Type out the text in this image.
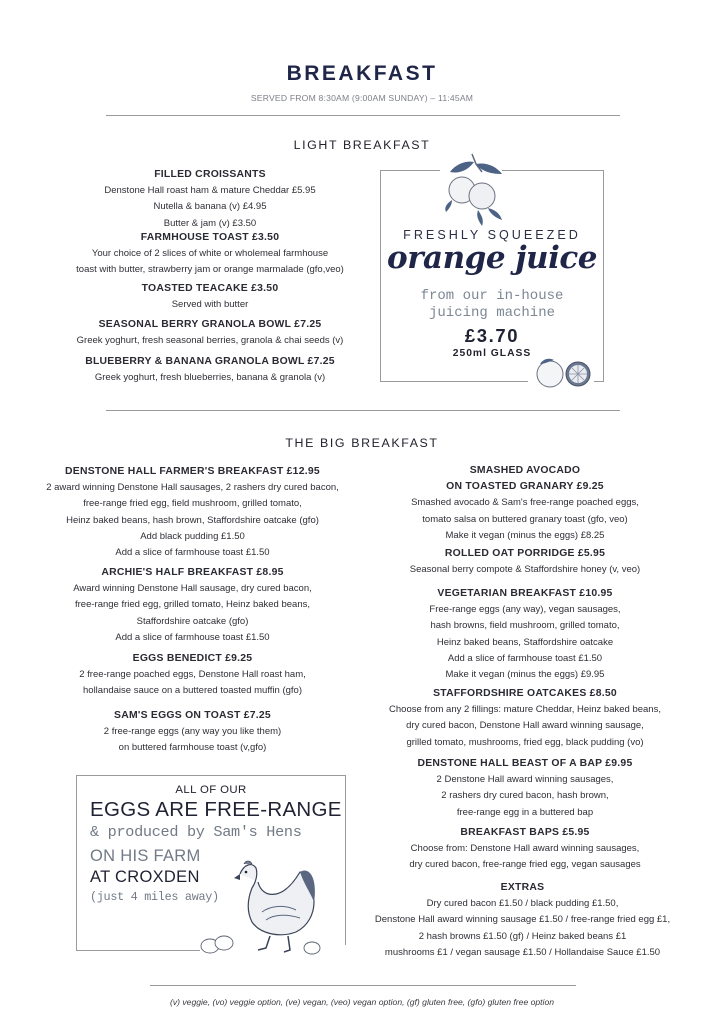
BREAKFAST
SERVED FROM 8:30AM (9:00AM SUNDAY) – 11:45AM
LIGHT BREAKFAST
FILLED CROISSANTS
Denstone Hall roast ham & mature Cheddar £5.95
Nutella & banana (v) £4.95
Butter & jam (v) £3.50
FARMHOUSE TOAST £3.50
Your choice of 2 slices of white or wholemeal farmhouse
toast with butter, strawberry jam or orange marmalade (gfo,veo)
TOASTED TEACAKE £3.50
Served with butter
SEASONAL BERRY GRANOLA BOWL £7.25
Greek yoghurt, fresh seasonal berries, granola & chai seeds (v)
BLUEBERRY & BANANA GRANOLA BOWL £7.25
Greek yoghurt, fresh blueberries, banana & granola (v)
FRESHLY SQUEEZED
orange juice
from our in-house
juicing machine
£3.70
250ml GLASS
THE BIG BREAKFAST
DENSTONE HALL FARMER'S BREAKFAST £12.95
2 award winning Denstone Hall sausages, 2 rashers dry cured bacon,
free-range fried egg, field mushroom, grilled tomato,
Heinz baked beans, hash brown, Staffordshire oatcake (gfo)
Add black pudding £1.50
Add a slice of farmhouse toast £1.50
ARCHIE'S HALF BREAKFAST £8.95
Award winning Denstone Hall sausage, dry cured bacon,
free-range fried egg, grilled tomato, Heinz baked beans,
Staffordshire oatcake (gfo)
Add a slice of farmhouse toast £1.50
EGGS BENEDICT £9.25
2 free-range poached eggs, Denstone Hall roast ham,
hollandaise sauce on a buttered toasted muffin (gfo)
SAM'S EGGS ON TOAST £7.25
2 free-range eggs (any way you like them)
on buttered farmhouse toast (v,gfo)
ALL OF OUR
EGGS ARE FREE-RANGE
& produced by Sam's Hens
ON HIS FARM
AT CROXDEN
(just 4 miles away)
SMASHED AVOCADO
ON TOASTED GRANARY £9.25
Smashed avocado & Sam's free-range poached eggs,
tomato salsa on buttered granary toast (gfo, veo)
Make it vegan (minus the eggs) £8.25
ROLLED OAT PORRIDGE £5.95
Seasonal berry compote & Staffordshire honey (v, veo)
VEGETARIAN BREAKFAST £10.95
Free-range eggs (any way), vegan sausages,
hash browns, field mushroom, grilled tomato,
Heinz baked beans, Staffordshire oatcake
Add a slice of farmhouse toast £1.50
Make it vegan (minus the eggs) £9.95
STAFFORDSHIRE OATCAKES £8.50
Choose from any 2 fillings: mature Cheddar, Heinz baked beans,
dry cured bacon, Denstone Hall award winning sausage,
grilled tomato, mushrooms, fried egg, black pudding (vo)
DENSTONE HALL BEAST OF A BAP £9.95
2 Denstone Hall award winning sausages,
2 rashers dry cured bacon, hash brown,
free-range egg in a buttered bap
BREAKFAST BAPS £5.95
Choose from: Denstone Hall award winning sausages,
dry cured bacon, free-range fried egg, vegan sausages
EXTRAS
Dry cured bacon £1.50 / black pudding £1.50,
Denstone Hall award winning sausage £1.50 / free-range fried egg £1,
2 hash browns £1.50 (gf) / Heinz baked beans £1
mushrooms £1 / vegan sausage £1.50 / Hollandaise Sauce £1.50
(v) veggie, (vo) veggie option, (ve) vegan, (veo) vegan option, (gf) gluten free, (gfo) gluten free option
